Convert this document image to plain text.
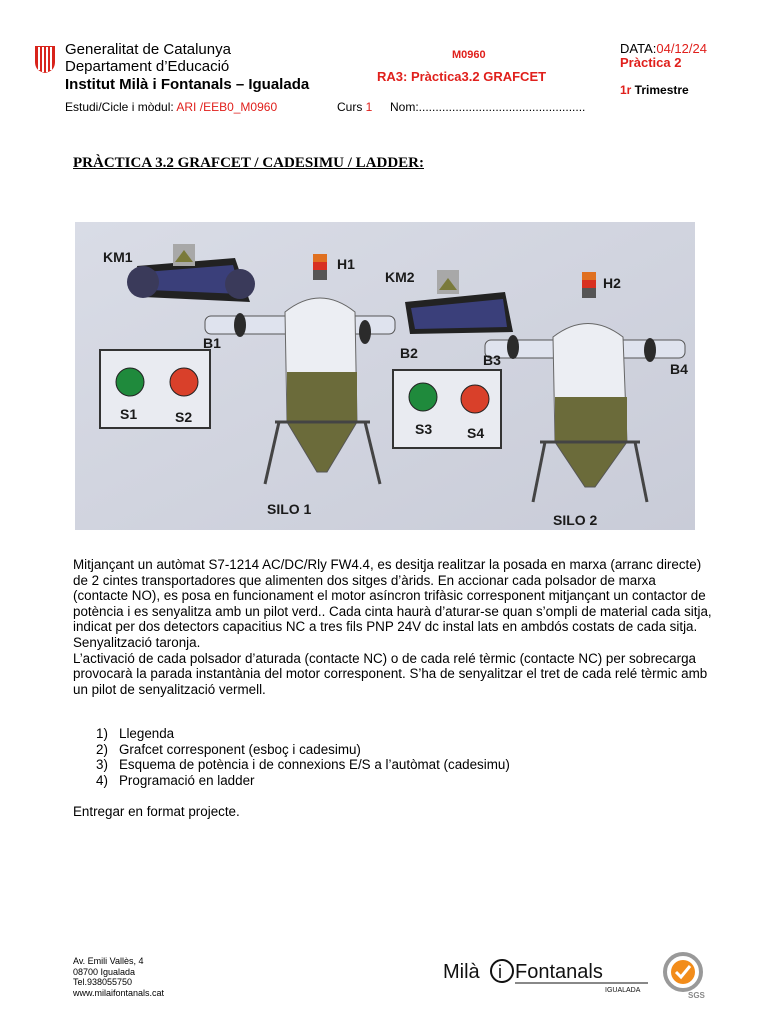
Generalitat de Catalunya
Departament d’Educació
Institut Milà i Fontanals – Igualada
M0960
RA3: Pràctica3.2 GRAFCET
DATA:04/12/24
Pràctica 2
1r Trimestre
Estudi/Cicle i mòdul: ARI /EEB0_M0960	Curs 1 Nom:..................................................
PRÀCTICA 3.2 GRAFCET / CADESIMU / LADDER:
KM1	H1
KM2	H2
B1
B2	B3
B4
S1	S2
S3 S4
SILO 1
SILO 2

Mitjançant un autòmat S7-1214 AC/DC/Rly FW4.4, es desitja realitzar la posada en marxa (arranc directe) de 2 cintes transportadores que alimenten dos sitges d’àrids. En accionar cada polsador de marxa (contacte NO), es posa en funcionament el motor asíncron trifàsic corresponent mitjançant un contactor de potència i es senyalitza amb un pilot verd.. Cada cinta haurà d’aturar-se quan s’ompli de material cada sitja, indicat per dos detectors capacitius NC a tres fils PNP 24V dc instal lats en ambdós costats de cada sitja. Senyalització taronja.

L’activació de cada polsador d’aturada (contacte NC) o de cada relé tèrmic (contacte NC) per sobrecarga provocarà la parada instantània del motor corresponent. S’ha de senyalitzar el tret de cada relé tèrmic amb un pilot de senyalització vermell.

1) Llegenda
2) Grafcet corresponent (esboç i cadesimu)
3) Esquema de potència i de connexions E/S a l’autòmat (cadesimu)
4) Programació en ladder
Entregar en format projecte.
Av. Emili Vallès, 4
08700 Igualada
Tel.938055750
www.milaifontanals.cat
Milà i Fontanals
IGUALADA
SGS
